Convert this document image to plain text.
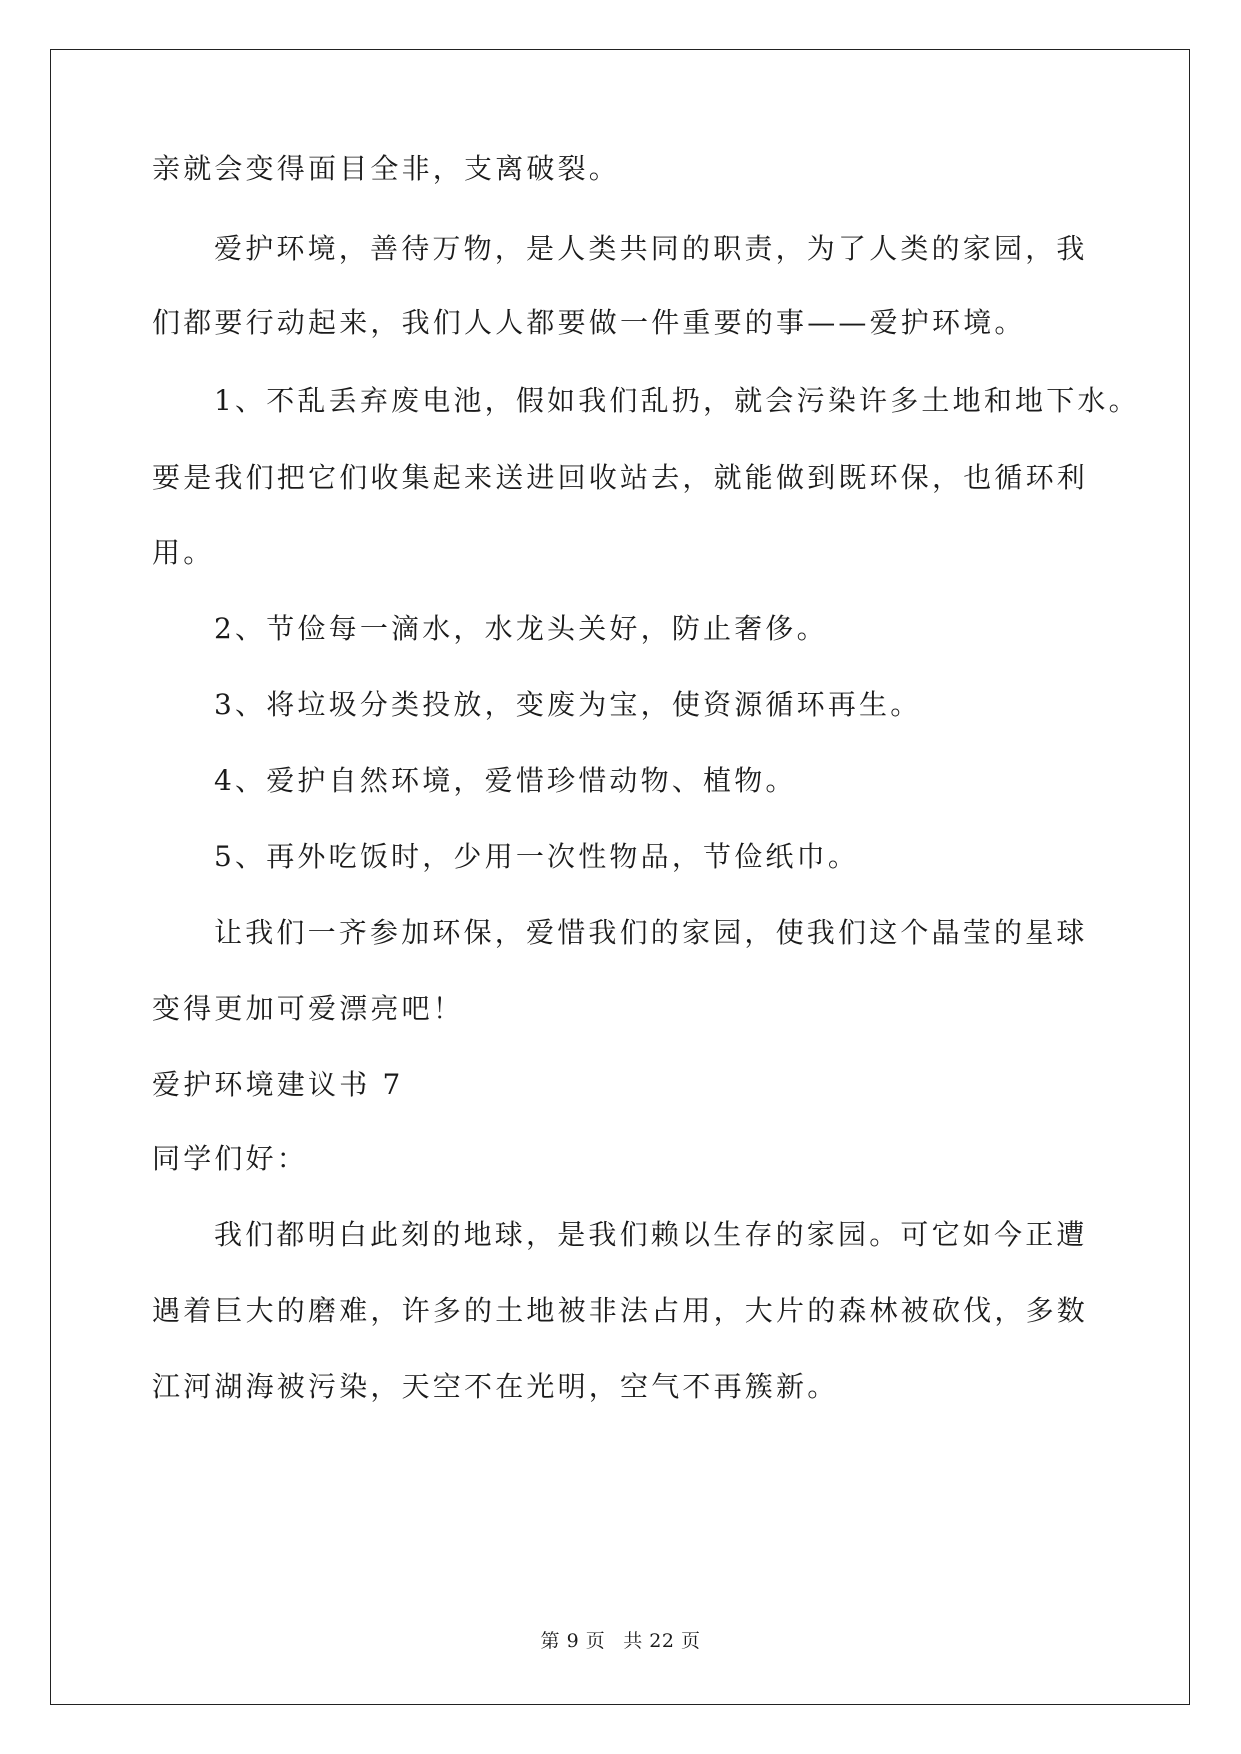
亲就会变得面目全非，支离破裂。
爱护环境，善待万物，是人类共同的职责，为了人类的家园，我
们都要行动起来，我们人人都要做一件重要的事——爱护环境。
1、不乱丢弃废电池，假如我们乱扔，就会污染许多土地和地下水。
要是我们把它们收集起来送进回收站去，就能做到既环保，也循环利
用。
2、节俭每一滴水，水龙头关好，防止奢侈。
3、将垃圾分类投放，变废为宝，使资源循环再生。
4、爱护自然环境，爱惜珍惜动物、植物。
5、再外吃饭时，少用一次性物品，节俭纸巾。
让我们一齐参加环保，爱惜我们的家园，使我们这个晶莹的星球
变得更加可爱漂亮吧！
爱护环境建议书 7
同学们好：
我们都明白此刻的地球，是我们赖以生存的家园。可它如今正遭
遇着巨大的磨难，许多的土地被非法占用，大片的森林被砍伐，多数
江河湖海被污染，天空不在光明，空气不再簇新。
第 9 页 共 22 页
